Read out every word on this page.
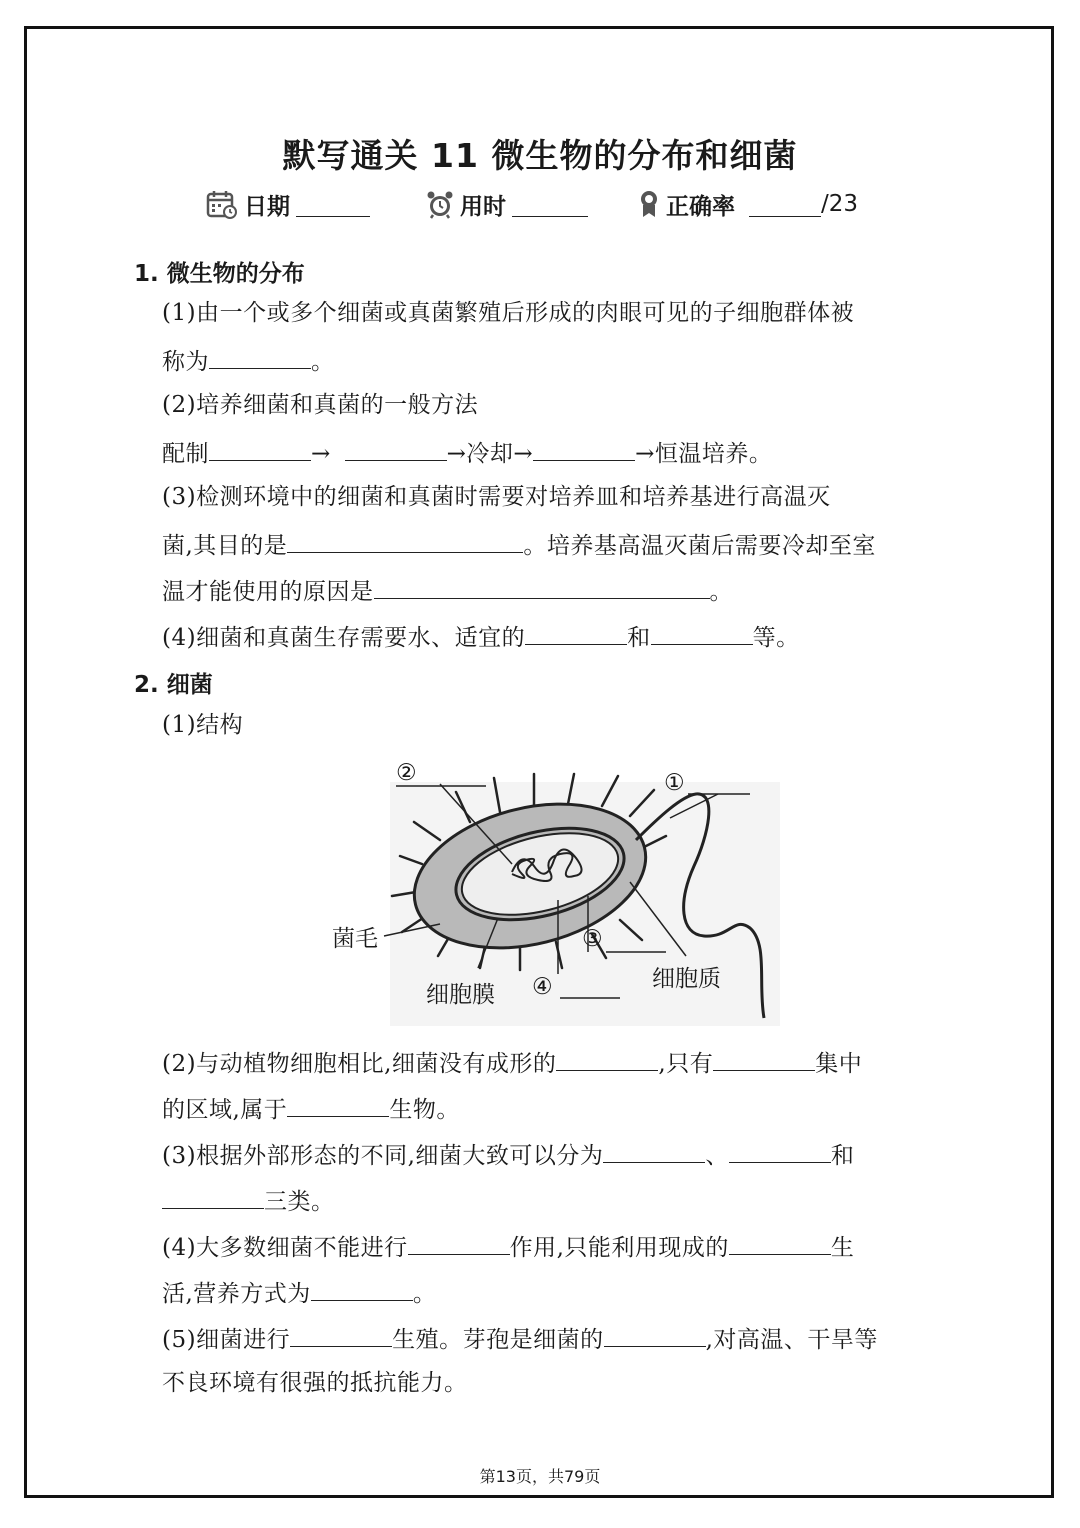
默写通关 11 微生物的分布和细菌
日期	用时	正确率	/23
1. 微生物的分布
(1)由一个或多个细菌或真菌繁殖后形成的肉眼可见的子细胞群体被
称为	。
(2)培养细菌和真菌的一般方法
配制	→	→冷却→	→恒温培养。
(3)检测环境中的细菌和真菌时需要对培养皿和培养基进行高温灭
菌,其目的是	。培养基高温灭菌后需要冷却至室
温才能使用的原因是	。
(4)细菌和真菌生存需要水、适宜的	和	等。
2. 细菌
(1)结构
②	①
菌毛	③
细胞质
④
细胞膜
(2)与动植物细胞相比,细菌没有成形的	,只有	集中
的区域,属于	生物。
(3)根据外部形态的不同,细菌大致可以分为	、	和
三类。
(4)大多数细菌不能进行	作用,只能利用现成的	生
活,营养方式为	。
(5)细菌进行	生殖。芽孢是细菌的	,对高温、干旱等
不良环境有很强的抵抗能力。
第13页，共79页
